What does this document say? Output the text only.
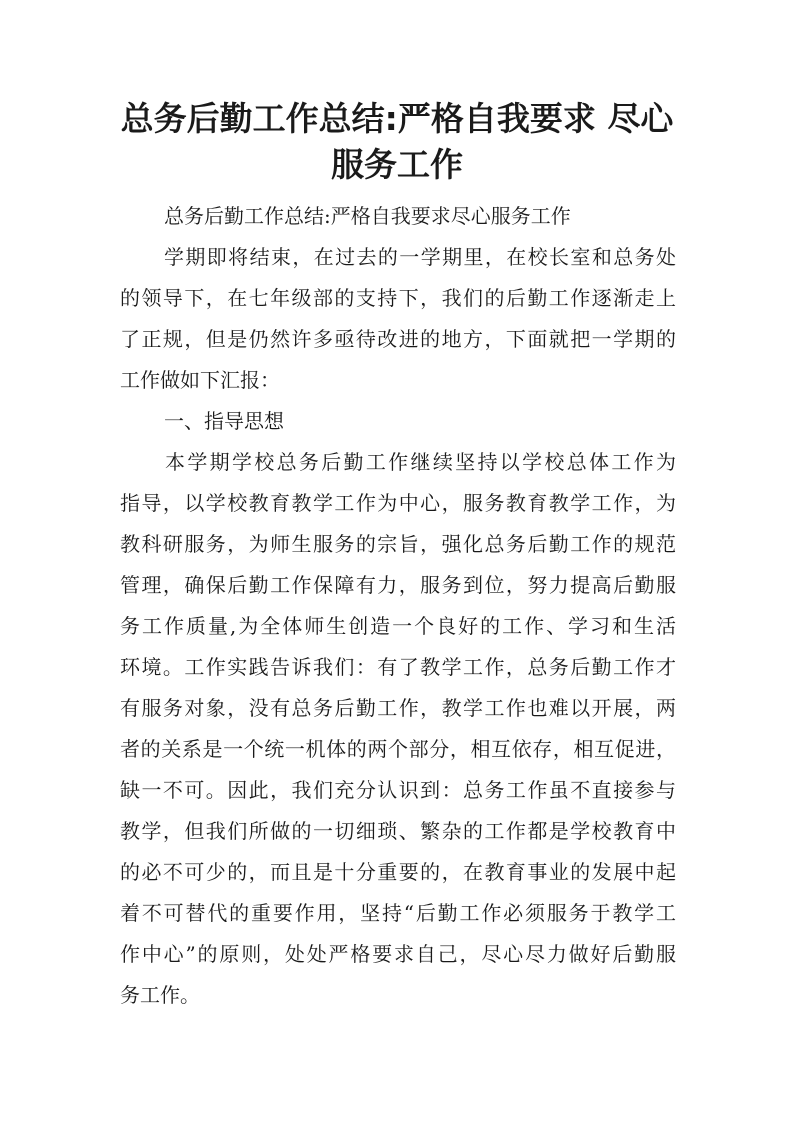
总务后勤工作总结:严格自我要求 尽心
服务工作
总务后勤工作总结:严格自我要求尽心服务工作
学期即将结束，在过去的一学期里，在校长室和总务处
的领导下，在七年级部的支持下，我们的后勤工作逐渐走上
了正规，但是仍然许多亟待改进的地方，下面就把一学期的
工作做如下汇报：
一、指导思想
本学期学校总务后勤工作继续坚持以学校总体工作为
指导，以学校教育教学工作为中心，服务教育教学工作，为
教科研服务，为师生服务的宗旨，强化总务后勤工作的规范
管理，确保后勤工作保障有力，服务到位，努力提高后勤服
务工作质量,为全体师生创造一个良好的工作、学习和生活
环境。工作实践告诉我们：有了教学工作，总务后勤工作才
有服务对象，没有总务后勤工作，教学工作也难以开展，两
者的关系是一个统一机体的两个部分，相互依存，相互促进，
缺一不可。因此，我们充分认识到：总务工作虽不直接参与
教学，但我们所做的一切细琐、繁杂的工作都是学校教育中
的必不可少的，而且是十分重要的，在教育事业的发展中起
着不可替代的重要作用，坚持“后勤工作必须服务于教学工
作中心”的原则，处处严格要求自己，尽心尽力做好后勤服
务工作。
